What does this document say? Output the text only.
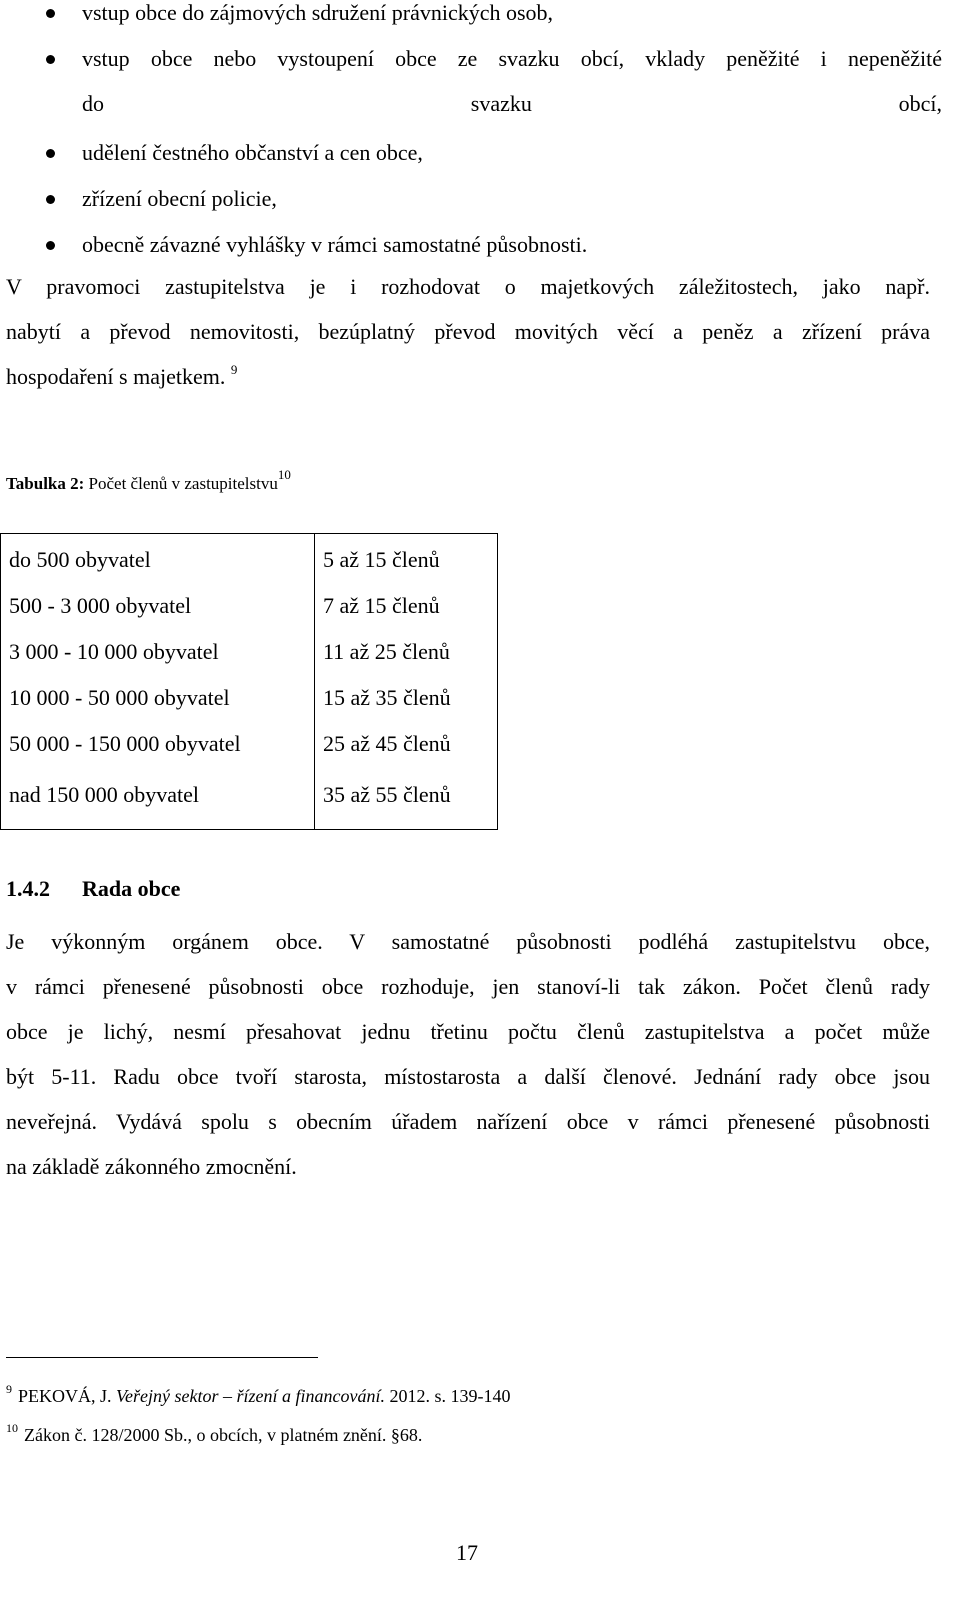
vstup obce do zájmových sdružení právnických osob,
vstup obce nebo vystoupení obce ze svazku obcí, vklady peněžité i nepeněžité
do svazku obcí,
udělení čestného občanství a cen obce,
zřízení obecní policie,
obecně závazné vyhlášky v rámci samostatné působnosti.
V pravomoci zastupitelstva je i rozhodovat o majetkových záležitostech, jako např.
nabytí a převod nemovitosti, bezúplatný převod movitých věcí a peněz a zřízení práva
hospodaření s majetkem. $^9$
Tabulka 2: Počet členů v zastupitelstvu$^{10}$
do 500 obyvatel	5 až 15 členů
500 - 3 000 obyvatel	7 až 15 členů
3 000 - 10 000 obyvatel	11 až 25 členů
10 000 - 50 000 obyvatel	15 až 35 členů
50 000 - 150 000 obyvatel	25 až 45 členů
nad 150 000 obyvatel	35 až 55 členů
1.4.2 Rada obce
Je výkonným orgánem obce. V samostatné působnosti podléhá zastupitelstvu obce,
v rámci přenesené působnosti obce rozhoduje, jen stanoví-li tak zákon. Počet členů rady
obce je lichý, nesmí přesahovat jednu třetinu počtu členů zastupitelstva a počet může
být 5-11. Radu obce tvoří starosta, místostarosta a další členové. Jednání rady obce jsou
neveřejná. Vydává spolu s obecním úřadem nařízení obce v rámci přenesené působnosti
na základě zákonného zmocnění.
$^9$ PEKOVÁ, J. Veřejný sektor – řízení a financování. 2012. s. 139-140
$^{10}$ Zákon č. 128/2000 Sb., o obcích, v platném znění. §68.
17
